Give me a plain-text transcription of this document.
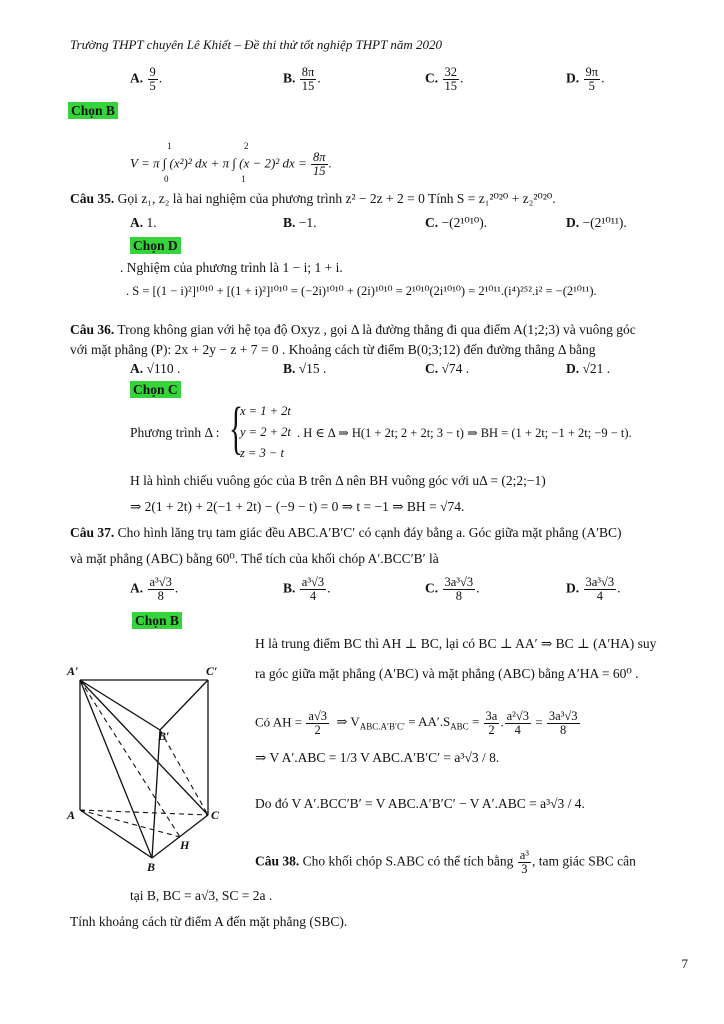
Trường THPT chuyên Lê Khiết – Đề thi thử tốt nghiệp THPT năm 2020
A. $\frac{9}{5}$ .	B. $\frac{8\pi}{15}$ .	C. $\frac{32}{15}$ .	D. $\frac{9\pi}{5}$ .
Chọn B
V = π ∫ (x²)² dx + π ∫ (x − 2)² dx = $\frac{8\pi}{15}$ .
1
0
2
1
Câu 35. Gọi z₁, z₂ là hai nghiệm của phương trình z² − 2z + 2 = 0 Tính S = z₁²⁰²⁰ + z₂²⁰²⁰.
A. 1.	B. −1.	C. −(2¹⁰¹⁰).	D. −(2¹⁰¹¹).
Chọn D
. Nghiệm của phương trình là 1 − i; 1 + i.
. S = [(1 − i)²]¹⁰¹⁰ + [(1 + i)²]¹⁰¹⁰ = (−2i)¹⁰¹⁰ + (2i)¹⁰¹⁰ = 2¹⁰¹⁰(2i¹⁰¹⁰) = 2¹⁰¹¹.(i⁴)²⁵².i² = −(2¹⁰¹¹).
Câu 36. Trong không gian với hệ tọa độ Oxyz , gọi Δ là đường thẳng đi qua điểm A(1;2;3) và vuông góc
với mặt phẳng (P): 2x + 2y − z + 7 = 0 . Khoảng cách từ điểm B(0;3;12) đến đường thẳng Δ bằng
A. √110 .	B. √15 .	C. √74 .	D. √21 .
Chọn C
Phương trình Δ : {
x = 1 + 2t
y = 2 + 2t
z = 3 − t
. H ∈ Δ ⇒ H(1 + 2t; 2 + 2t; 3 − t) ⇒ BH = (1 + 2t; −1 + 2t; −9 − t).
H là hình chiếu vuông góc của B trên Δ nên BH vuông góc với uΔ = (2;2;−1)
⇒ 2(1 + 2t) + 2(−1 + 2t) − (−9 − t) = 0 ⇒ t = −1 ⇒ BH = √74.
Câu 37. Cho hình lăng trụ tam giác đều ABC.A′B′C′ có cạnh đáy bằng a. Góc giữa mặt phẳng (A′BC)
và mặt phẳng (ABC) bằng 60⁰. Thể tích của khối chóp A′.BCC′B′ là
A. $\frac{\text{a³√3}}{8}$ .	B. $\frac{\text{a³√3}}{4}$ .	C. $\frac{\text{3a³√3}}{8}$ .	D. $\frac{\text{3a³√3}}{4}$ .
Chọn B
H là trung điểm BC thì AH ⊥ BC, lại có BC ⊥ AA′ ⇒ BC ⊥ (A′HA) suy
ra góc giữa mặt phẳng (A′BC) và mặt phẳng (ABC) bằng A′HA = 60⁰ .
Có AH = $\frac{a√3}{2}$ ⇒ $V_{ABC.A'B'C'} = AA'.S_{ABC} = \frac{3a}{2}$ . $\frac{\text{a²√3}}{4} = \frac{\text{3a³√3}}{8}$
⇒ V A′.ABC = 1/3 V ABC.A′B′C′ = a³√3 / 8.
Do đó V A′.BCC′B′ = V ABC.A′B′C′ − V A′.ABC = a³√3 / 4.
A′	C′
B′
A	C
H
B	Câu 38. Cho khối chóp S.ABC có thể tích bằng $\frac{\text{a³}}{3}$ , tam giác SBC cân
tại B, BC = a√3, SC = 2a .
Tính khoảng cách từ điểm A đến mặt phẳng (SBC).
7
